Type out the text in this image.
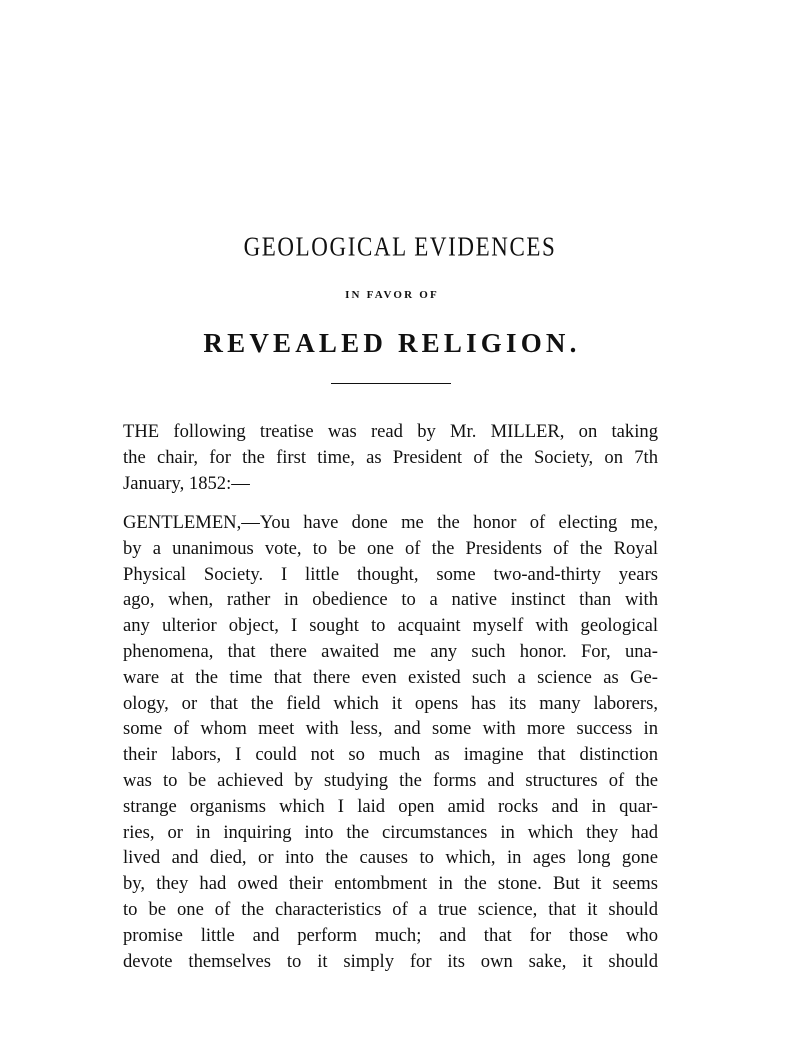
GEOLOGICAL EVIDENCES
IN FAVOR OF
REVEALED RELIGION.
THE following treatise was read by Mr. MILLER, on taking
the chair, for the first time, as President of the Society, on 7th
January, 1852:—
GENTLEMEN,—You have done me the honor of electing me,
by a unanimous vote, to be one of the Presidents of the Royal
Physical Society. I little thought, some two-and-thirty years
ago, when, rather in obedience to a native instinct than with
any ulterior object, I sought to acquaint myself with geological
phenomena, that there awaited me any such honor. For, una-
ware at the time that there even existed such a science as Ge-
ology, or that the field which it opens has its many laborers,
some of whom meet with less, and some with more success in
their labors, I could not so much as imagine that distinction
was to be achieved by studying the forms and structures of the
strange organisms which I laid open amid rocks and in quar-
ries, or in inquiring into the circumstances in which they had
lived and died, or into the causes to which, in ages long gone
by, they had owed their entombment in the stone. But it seems
to be one of the characteristics of a true science, that it should
promise little and perform much; and that for those who
devote themselves to it simply for its own sake, it should
